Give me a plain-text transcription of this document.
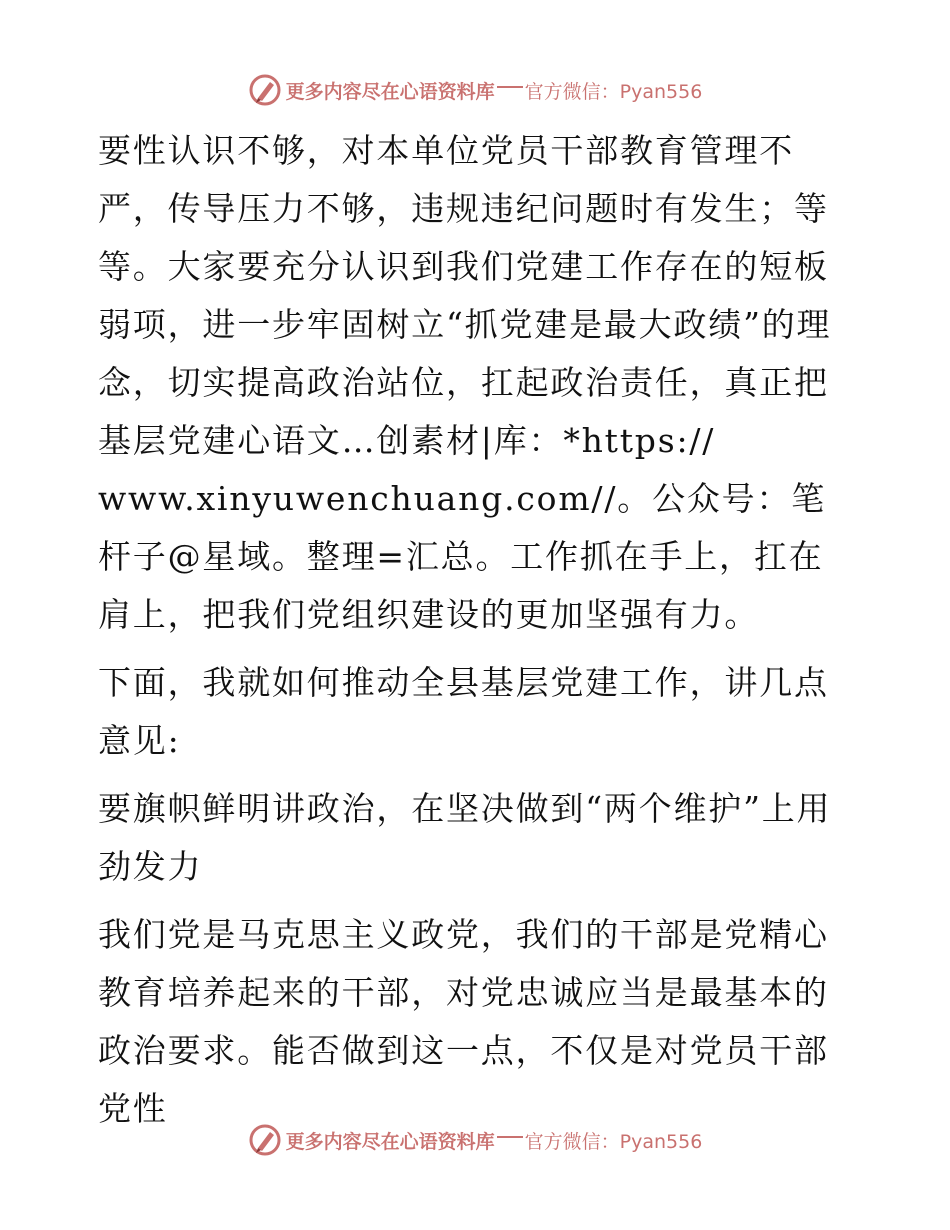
更多内容尽在心语资料库 官方微信：Pyan556

要性认识不够，对本单位党员干部教育管理不严，传导压力不够，违规违纪问题时有发生；等等。大家要充分认识到我们党建工作存在的短板弱项，进一步牢固树立“抓党建是最大政绩”的理念，切实提高政治站位，扛起政治责任，真正把基层党建心语文…创素材|库：*https://

www.xinyuwenchuang.com//。公众号：笔杆子@星域。整理=汇总。工作抓在手上，扛在肩上，把我们党组织建设的更加坚强有力。

下面，我就如何推动全县基层党建工作，讲几点意见:

要旗帜鲜明讲政治，在坚决做到“两个维护”上用劲发力

我们党是马克思主义政党，我们的干部是党精心教育培养起来的干部，对党忠诚应当是最基本的政治要求。能否做到这一点，不仅是对党员干部党性

更多内容尽在心语资料库 官方微信：Pyan556
